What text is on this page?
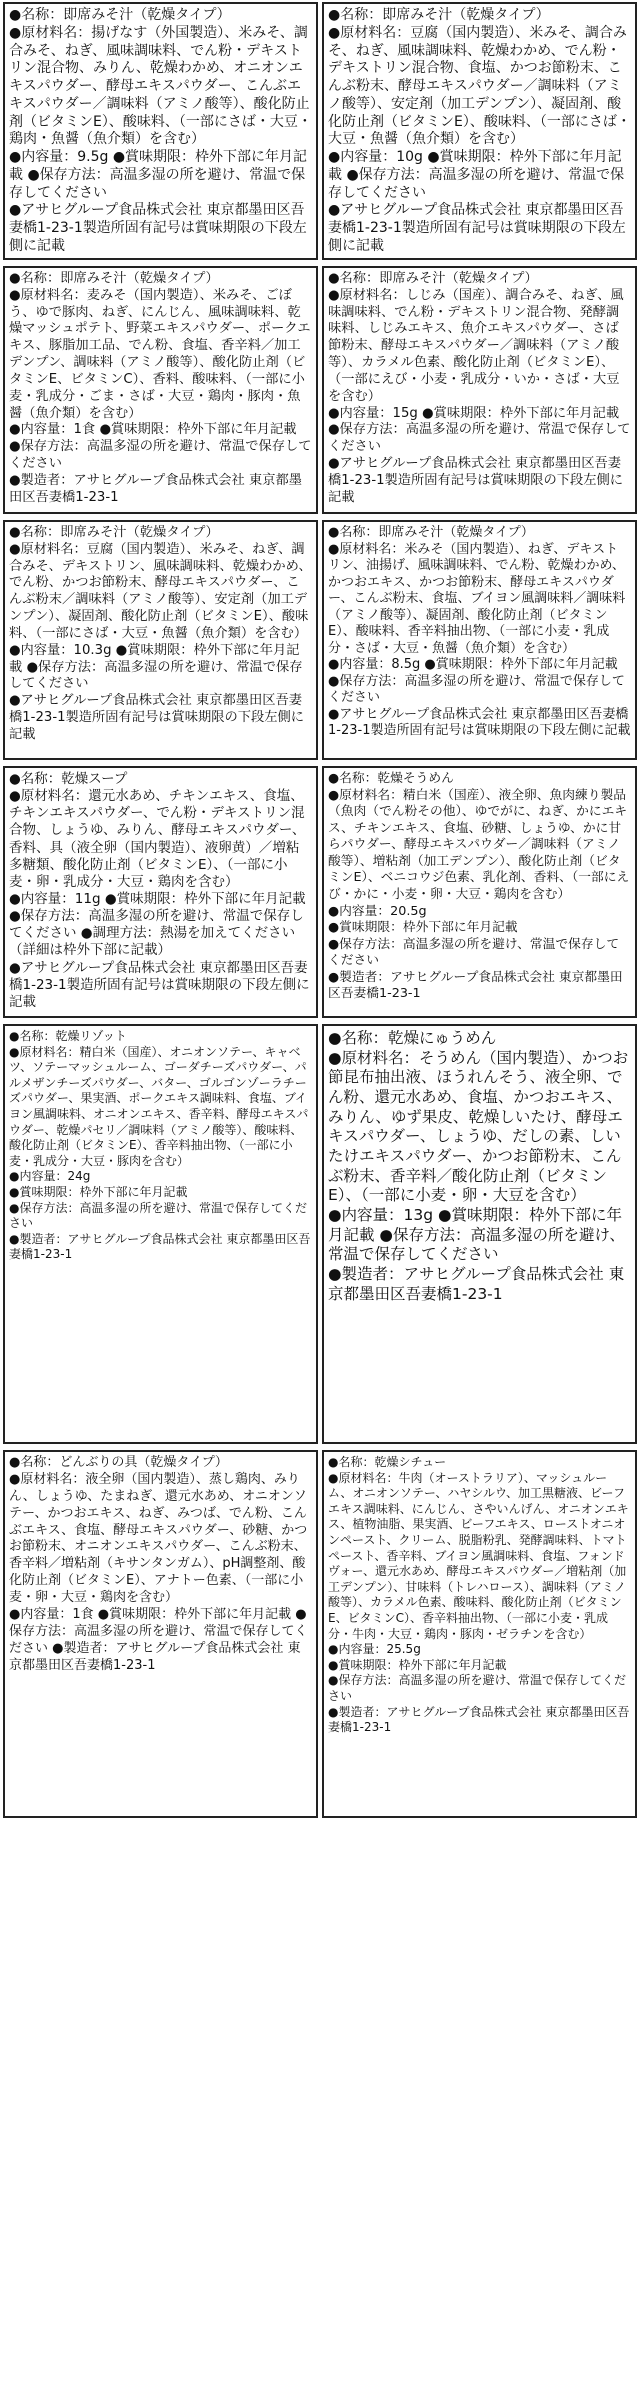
●名称：即席みそ汁（乾燥タイプ）
●原材料名：揚げなす（外国製造）、米みそ、調合みそ、ねぎ、風味調味料、でん粉・デキストリン混合物、みりん、乾燥わかめ、オニオンエキスパウダー、酵母エキスパウダー、こんぶエキスパウダー／調味料（アミノ酸等）、酸化防止剤（ビタミンE）、酸味料、（一部にさば・大豆・鶏肉・魚醤（魚介類）を含む）
●内容量：9.5g ●賞味期限：枠外下部に年月記載 ●保存方法：高温多湿の所を避け、常温で保存してください
●アサヒグループ食品株式会社 東京都墨田区吾妻橋1-23-1製造所固有記号は賞味期限の下段左側に記載
●名称：即席みそ汁（乾燥タイプ）
●原材料名：豆腐（国内製造）、米みそ、調合みそ、ねぎ、風味調味料、乾燥わかめ、でん粉・デキストリン混合物、食塩、かつお節粉末、こんぶ粉末、酵母エキスパウダー／調味料（アミノ酸等）、安定剤（加工デンプン）、凝固剤、酸化防止剤（ビタミンE）、酸味料、（一部にさば・大豆・魚醤（魚介類）を含む）
●内容量：10g ●賞味期限：枠外下部に年月記載 ●保存方法：高温多湿の所を避け、常温で保存してください
●アサヒグループ食品株式会社 東京都墨田区吾妻橋1-23-1製造所固有記号は賞味期限の下段左側に記載
●名称：即席みそ汁（乾燥タイプ）
●原材料名：麦みそ（国内製造）、米みそ、ごぼう、ゆで豚肉、ねぎ、にんじん、風味調味料、乾燥マッシュポテト、野菜エキスパウダー、ポークエキス、豚脂加工品、でん粉、食塩、香辛料／加工デンプン、調味料（アミノ酸等）、酸化防止剤（ビタミンE、ビタミンC）、香料、酸味料、（一部に小麦・乳成分・ごま・さば・大豆・鶏肉・豚肉・魚醤（魚介類）を含む）
●内容量：1食 ●賞味期限：枠外下部に年月記載 ●保存方法：高温多湿の所を避け、常温で保存してください
●製造者：アサヒグループ食品株式会社 東京都墨田区吾妻橋1-23-1
●名称：即席みそ汁（乾燥タイプ）
●原材料名：しじみ（国産）、調合みそ、ねぎ、風味調味料、でん粉・デキストリン混合物、発酵調味料、しじみエキス、魚介エキスパウダー、さば節粉末、酵母エキスパウダー／調味料（アミノ酸等）、カラメル色素、酸化防止剤（ビタミンE）、（一部にえび・小麦・乳成分・いか・さば・大豆を含む）
●内容量：15g ●賞味期限：枠外下部に年月記載 ●保存方法：高温多湿の所を避け、常温で保存してください
●アサヒグループ食品株式会社 東京都墨田区吾妻橋1-23-1製造所固有記号は賞味期限の下段左側に記載
●名称：即席みそ汁（乾燥タイプ）
●原材料名：豆腐（国内製造）、米みそ、ねぎ、調合みそ、デキストリン、風味調味料、乾燥わかめ、でん粉、かつお節粉末、酵母エキスパウダー、こんぶ粉末／調味料（アミノ酸等）、安定剤（加工デンプン）、凝固剤、酸化防止剤（ビタミンE）、酸味料、（一部にさば・大豆・魚醤（魚介類）を含む）
●内容量：10.3g ●賞味期限：枠外下部に年月記載 ●保存方法：高温多湿の所を避け、常温で保存してください
●アサヒグループ食品株式会社 東京都墨田区吾妻橋1-23-1製造所固有記号は賞味期限の下段左側に記載
●名称：即席みそ汁（乾燥タイプ）
●原材料名：米みそ（国内製造）、ねぎ、デキストリン、油揚げ、風味調味料、でん粉、乾燥わかめ、かつおエキス、かつお節粉末、酵母エキスパウダー、こんぶ粉末、食塩、ブイヨン風調味料／調味料（アミノ酸等）、凝固剤、酸化防止剤（ビタミンE）、酸味料、香辛料抽出物、（一部に小麦・乳成分・さば・大豆・魚醤（魚介類）を含む）
●内容量：8.5g ●賞味期限：枠外下部に年月記載 ●保存方法：高温多湿の所を避け、常温で保存してください
●アサヒグループ食品株式会社 東京都墨田区吾妻橋1-23-1製造所固有記号は賞味期限の下段左側に記載
●名称：乾燥スープ
●原材料名：還元水あめ、チキンエキス、食塩、チキンエキスパウダー、でん粉・デキストリン混合物、しょうゆ、みりん、酵母エキスパウダー、香料、具（液全卵（国内製造）、液卵黄）／増粘多糖類、酸化防止剤（ビタミンE）、（一部に小麦・卵・乳成分・大豆・鶏肉を含む）
●内容量：11g ●賞味期限：枠外下部に年月記載 ●保存方法：高温多湿の所を避け、常温で保存してください ●調理方法：熱湯を加えてください（詳細は枠外下部に記載）
●アサヒグループ食品株式会社 東京都墨田区吾妻橋1-23-1製造所固有記号は賞味期限の下段左側に記載
●名称：乾燥そうめん
●原材料名：精白米（国産）、液全卵、魚肉練り製品（魚肉（でん粉その他）、ゆでがに、ねぎ、かにエキス、チキンエキス、食塩、砂糖、しょうゆ、かに甘らパウダー、酵母エキスパウダー／調味料（アミノ酸等）、増粘剤（加工デンプン）、酸化防止剤（ビタミンE）、ベニコウジ色素、乳化剤、香料、（一部にえび・かに・小麦・卵・大豆・鶏肉を含む）
●内容量：20.5g
●賞味期限：枠外下部に年月記載
●保存方法：高温多湿の所を避け、常温で保存してください
●製造者：アサヒグループ食品株式会社 東京都墨田区吾妻橋1-23-1
●名称：乾燥リゾット
●原材料名：精白米（国産）、オニオンソテー、キャベツ、ソテーマッシュルーム、ゴーダチーズパウダー、パルメザンチーズパウダー、バター、ゴルゴンゾーラチーズパウダー、果実酒、ポークエキス調味料、食塩、ブイヨン風調味料、オニオンエキス、香辛料、酵母エキスパウダー、乾燥パセリ／調味料（アミノ酸等）、酸味料、酸化防止剤（ビタミンE）、香辛料抽出物、（一部に小麦・乳成分・大豆・豚肉を含む）
●内容量：24g
●賞味期限：枠外下部に年月記載
●保存方法：高温多湿の所を避け、常温で保存してください
●製造者：アサヒグループ食品株式会社 東京都墨田区吾妻橋1-23-1
●名称：乾燥にゅうめん
●原材料名：そうめん（国内製造）、かつお節昆布抽出液、ほうれんそう、液全卵、でん粉、還元水あめ、食塩、かつおエキス、みりん、ゆず果皮、乾燥しいたけ、酵母エキスパウダー、しょうゆ、だしの素、しいたけエキスパウダー、かつお節粉末、こんぶ粉末、香辛料／酸化防止剤（ビタミンE）、（一部に小麦・卵・大豆を含む）
●内容量：13g ●賞味期限：枠外下部に年月記載 ●保存方法：高温多湿の所を避け、常温で保存してください
●製造者：アサヒグループ食品株式会社 東京都墨田区吾妻橋1-23-1
●名称：どんぶりの具（乾燥タイプ）
●原材料名：液全卵（国内製造）、蒸し鶏肉、みりん、しょうゆ、たまねぎ、還元水あめ、オニオンソテー、かつおエキス、ねぎ、みつば、でん粉、こんぶエキス、食塩、酵母エキスパウダー、砂糖、かつお節粉末、オニオンエキスパウダー、こんぶ粉末、香辛料／増粘剤（キサンタンガム）、pH調整剤、酸化防止剤（ビタミンE）、アナトー色素、（一部に小麦・卵・大豆・鶏肉を含む）
●内容量：1食 ●賞味期限：枠外下部に年月記載 ●保存方法：高温多湿の所を避け、常温で保存してください ●製造者：アサヒグループ食品株式会社 東京都墨田区吾妻橋1-23-1
●名称：乾燥シチュー
●原材料名：牛肉（オーストラリア）、マッシュルーム、オニオンソテー、ハヤシルウ、加工黒糖液、ビーフエキス調味料、にんじん、さやいんげん、オニオンエキス、植物油脂、果実酒、ビーフエキス、ローストオニオンペースト、クリーム、脱脂粉乳、発酵調味料、トマトペースト、香辛料、ブイヨン風調味料、食塩、フォンドヴォー、還元水あめ、酵母エキスパウダー／増粘剤（加工デンプン）、甘味料（トレハロース）、調味料（アミノ酸等）、カラメル色素、酸味料、酸化防止剤（ビタミンE、ビタミンC）、香辛料抽出物、（一部に小麦・乳成分・牛肉・大豆・鶏肉・豚肉・ゼラチンを含む）
●内容量：25.5g
●賞味期限：枠外下部に年月記載
●保存方法：高温多湿の所を避け、常温で保存してください
●製造者：アサヒグループ食品株式会社 東京都墨田区吾妻橋1-23-1
